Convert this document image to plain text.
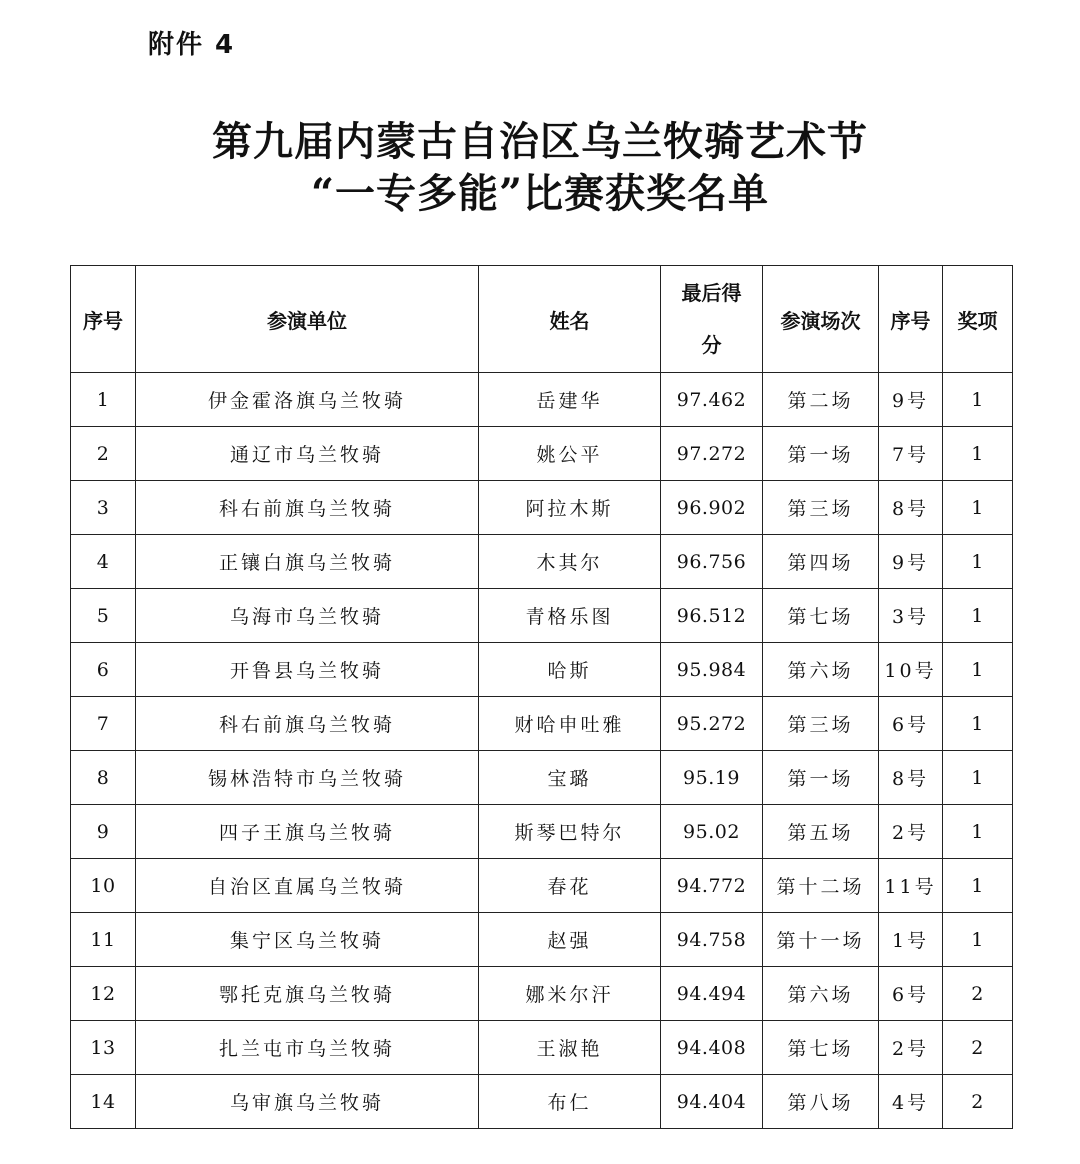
附件 4
第九届内蒙古自治区乌兰牧骑艺术节
“一专多能”比赛获奖名单
序号	参演单位	姓名	最后得分	参演场次	序号	奖项
1	伊金霍洛旗乌兰牧骑	岳建华	97.462	第二场	9号	1
2	通辽市乌兰牧骑	姚公平	97.272	第一场	7号	1
3	科右前旗乌兰牧骑	阿拉木斯	96.902	第三场	8号	1
4	正镶白旗乌兰牧骑	木其尔	96.756	第四场	9号	1
5	乌海市乌兰牧骑	青格乐图	96.512	第七场	3号	1
6	开鲁县乌兰牧骑	哈斯	95.984	第六场	10号	1
7	科右前旗乌兰牧骑	财哈申吐雅	95.272	第三场	6号	1
8	锡林浩特市乌兰牧骑	宝璐	95.19	第一场	8号	1
9	四子王旗乌兰牧骑	斯琴巴特尔	95.02	第五场	2号	1
10	自治区直属乌兰牧骑	春花	94.772	第十二场	11号	1
11	集宁区乌兰牧骑	赵强	94.758	第十一场	1号	1
12	鄂托克旗乌兰牧骑	娜米尔汗	94.494	第六场	6号	2
13	扎兰屯市乌兰牧骑	王淑艳	94.408	第七场	2号	2
14	乌审旗乌兰牧骑	布仁	94.404	第八场	4号	2
